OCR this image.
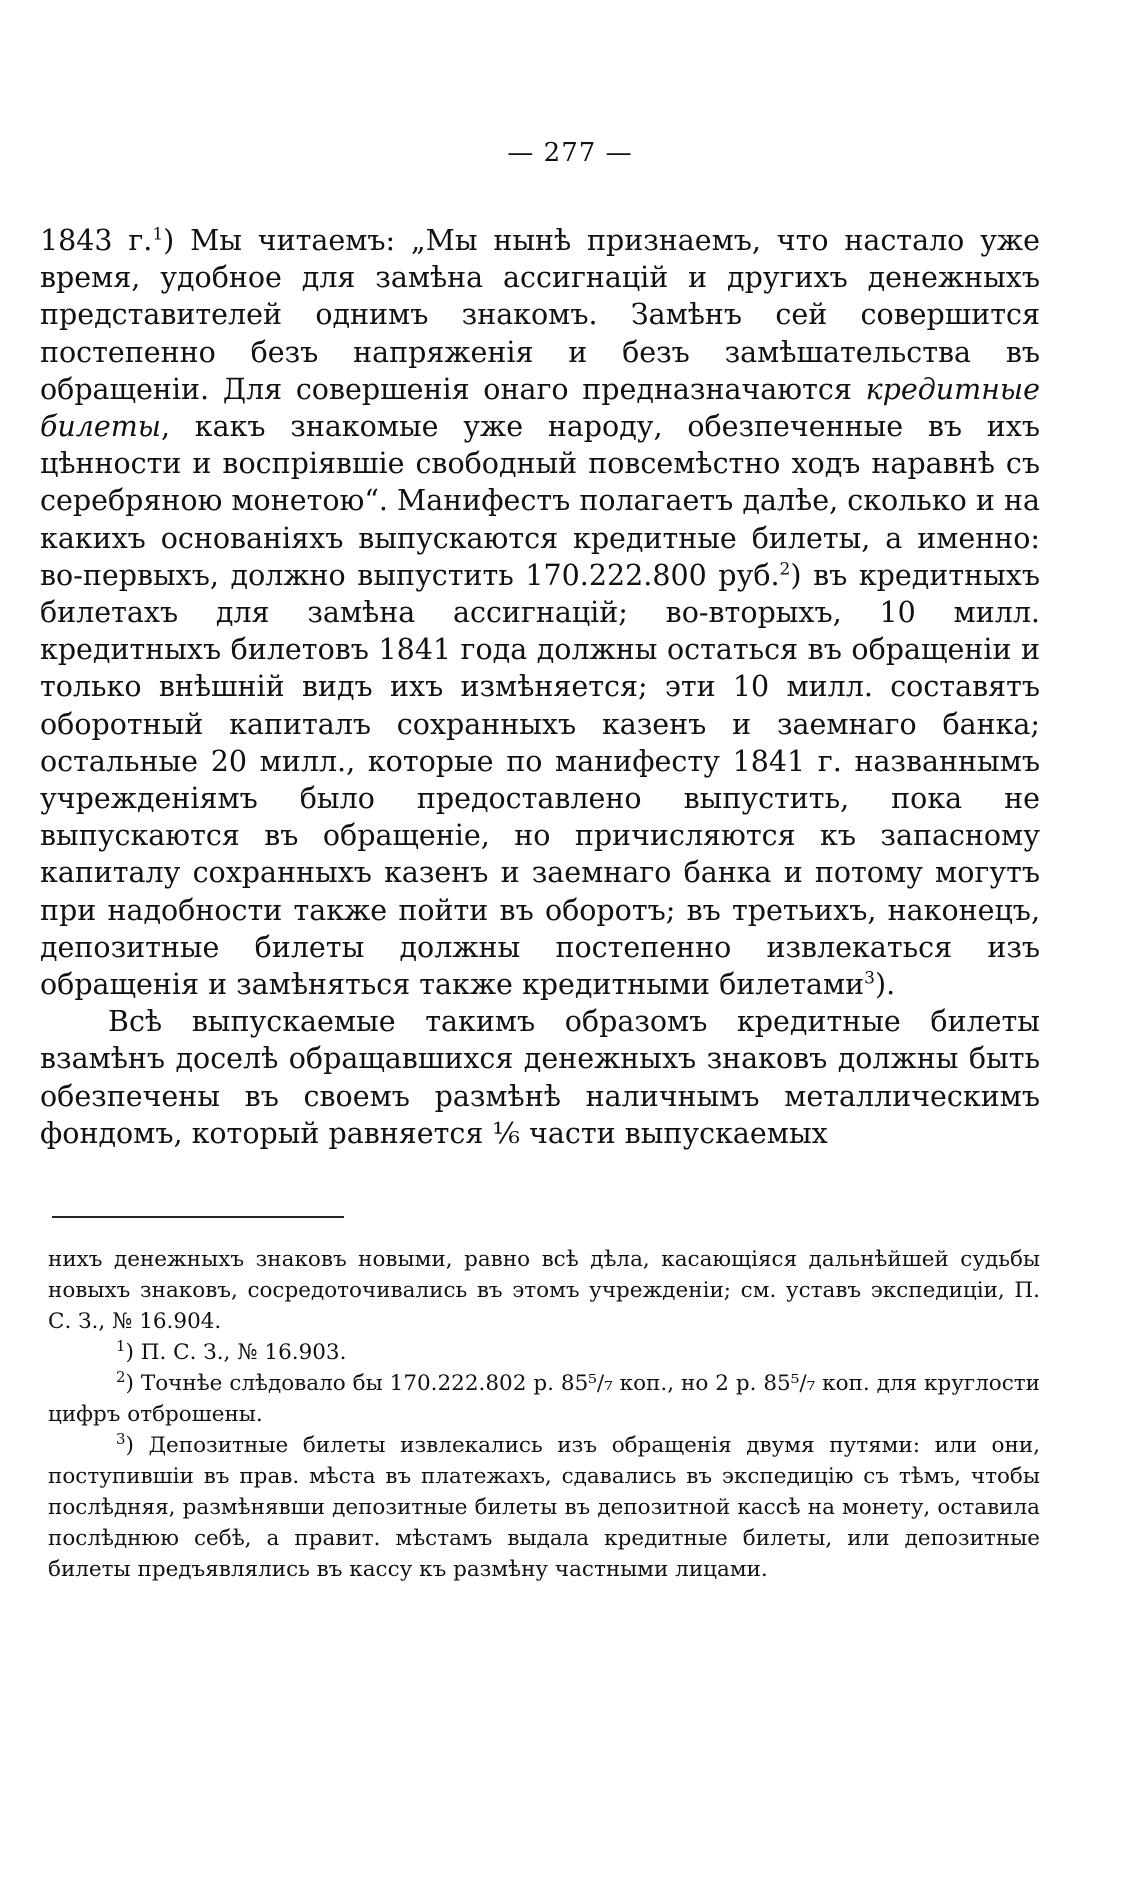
— 277 —

1843 г.$^1$) Мы читаемъ: „Мы нынѣ признаемъ, что настало уже время, удобное для замѣна ассигнацій и другихъ денежныхъ представителей однимъ знакомъ. Замѣнъ сей совершится постепенно безъ напряженія и безъ замѣшательства въ обращеніи. Для совершенія онаго предназначаются кредитные билеты, какъ знакомые уже народу, обезпеченные въ ихъ цѣнности и воспріявшіе свободный повсемѣстно ходъ наравнѣ съ серебряною монетою“. Манифестъ полагаетъ далѣе, сколько и на какихъ основаніяхъ выпускаются кредитные билеты, а именно: во-первыхъ, должно выпустить 170.222.800 руб.$^2$) въ кредитныхъ билетахъ для замѣна ассигнацій; во-вторыхъ, 10 милл. кредитныхъ билетовъ 1841 года должны остаться въ обращеніи и только внѣшній видъ ихъ измѣняется; эти 10 милл. составятъ оборотный капиталъ сохранныхъ казенъ и заемнаго банка; остальные 20 милл., которые по манифесту 1841 г. названнымъ учрежденіямъ было предоставлено выпустить, пока не выпускаются въ обращеніе, но причисляются къ запасному капиталу сохранныхъ казенъ и заемнаго банка и потому могутъ при надобности также пойти въ оборотъ; въ третьихъ, наконецъ, депозитные билеты должны постепенно извлекаться изъ обращенія и замѣняться также кредитными билетами$^3$).

Всѣ выпускаемые такимъ образомъ кредитные билеты взамѣнъ доселѣ обращавшихся денежныхъ знаковъ должны быть обезпечены въ своемъ размѣнѣ наличнымъ металлическимъ фондомъ, который равняется ⅙ части выпускаемых

нихъ денежныхъ знаковъ новыми, равно всѣ дѣла, касающіяся дальнѣйшей судьбы новыхъ знаковъ, сосредоточивались въ этомъ учрежденіи; см. уставъ экспедиціи, П. С. З., № 16.904.

$^1$) П. С. З., № 16.903.

$^2$) Точнѣе слѣдовало бы 170.222.802 р. 85⁵/₇ коп., но 2 р. 85⁵/₇ коп. для круглости цифръ отброшены.

$^3$) Депозитные билеты извлекались изъ обращенія двумя путями: или они, поступившіи въ прав. мѣста въ платежахъ, сдавались въ экспедицію съ тѣмъ, чтобы послѣдняя, размѣнявши депозитные билеты въ депозитной кассѣ на монету, оставила послѣднюю себѣ, а правит. мѣстамъ выдала кредитные билеты, или депозитные билеты предъявлялись въ кассу къ размѣну частными лицами.
